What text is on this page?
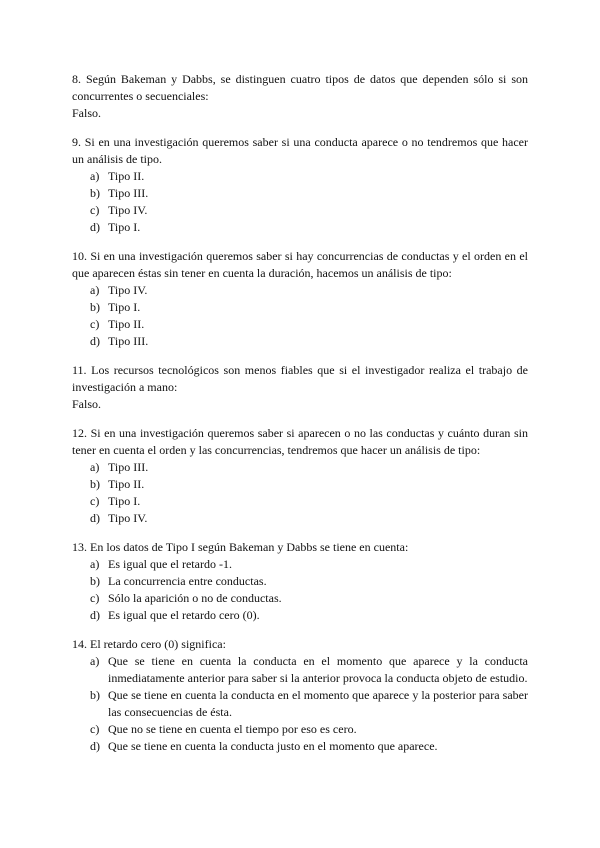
8. Según Bakeman y Dabbs, se distinguen cuatro tipos de datos que dependen sólo si son concurrentes o secuenciales:

Falso.

9. Si en una investigación queremos saber si una conducta aparece o no tendremos que hacer un análisis de tipo.

a) Tipo II.
b) Tipo III.
c) Tipo IV.
d) Tipo I.

10. Si en una investigación queremos saber si hay concurrencias de conductas y el orden en el que aparecen éstas sin tener en cuenta la duración, hacemos un análisis de tipo:

a) Tipo IV.
b) Tipo I.
c) Tipo II.
d) Tipo III.

11. Los recursos tecnológicos son menos fiables que si el investigador realiza el trabajo de investigación a mano:

Falso.

12. Si en una investigación queremos saber si aparecen o no las conductas y cuánto duran sin tener en cuenta el orden y las concurrencias, tendremos que hacer un análisis de tipo:

a) Tipo III.
b) Tipo II.
c) Tipo I.
d) Tipo IV.

13. En los datos de Tipo I según Bakeman y Dabbs se tiene en cuenta:

a) Es igual que el retardo -1.
b) La concurrencia entre conductas.
c) Sólo la aparición o no de conductas.
d) Es igual que el retardo cero (0).

14. El retardo cero (0) significa:

a) Que se tiene en cuenta la conducta en el momento que aparece y la conducta inmediatamente anterior para saber si la anterior provoca la conducta objeto de estudio.
b) Que se tiene en cuenta la conducta en el momento que aparece y la posterior para saber las consecuencias de ésta.
c) Que no se tiene en cuenta el tiempo por eso es cero.
d) Que se tiene en cuenta la conducta justo en el momento que aparece.
